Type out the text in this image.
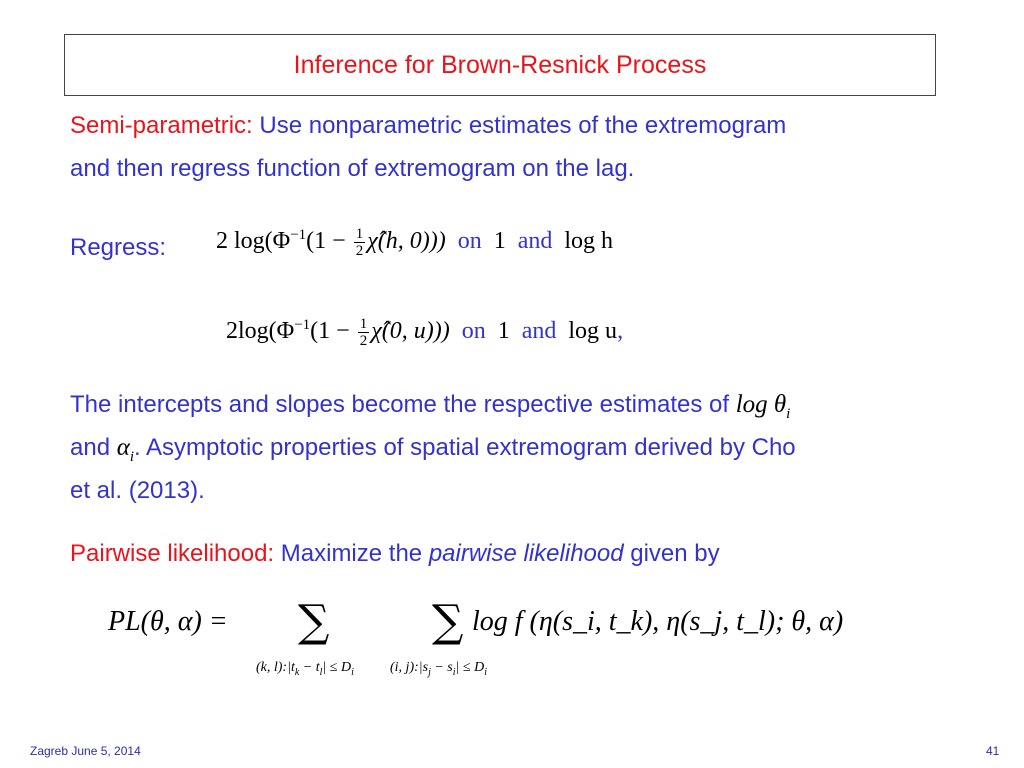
Inference for Brown-Resnick Process
Semi-parametric: Use nonparametric estimates of the extremogram
and then regress function of extremogram on the lag.
Regress: 2 $\log(\Phi^{-1}(1 - \frac{1}{2}$ χ̂(h, 0))) on 1 and log h
$2\log(\Phi^{-1}(1 - \frac{1}{2}$ χ̂(0, u))) on 1 and log u,
The intercepts and slopes become the respective estimates of $\log \theta_i$
and $\alpha_i$. Asymptotic properties of spatial extremogram derived by Cho
et al. (2013).
Pairwise likelihood: Maximize the pairwise likelihood given by
PL(θ, α) = ∑ ∑ log f (η(s_i, t_k), η(s_j, t_l); θ, α)
(k, $l):|t_k - t_l| \le D_i$	(i, $j):|s_j - s_i| \le D_i$
Zagreb June 5, 2014	41
